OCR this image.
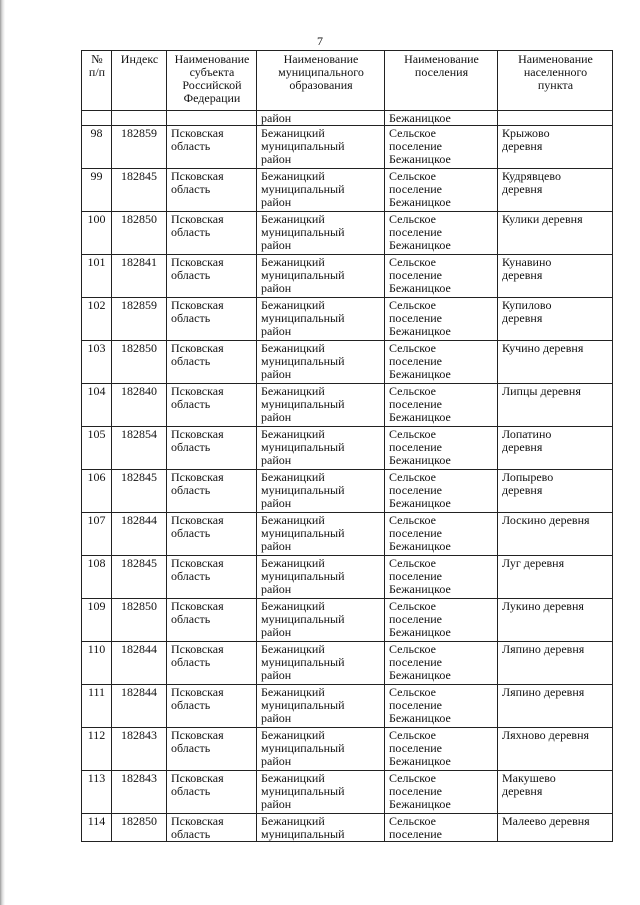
7
№
п/п	Индекс	Наименование
субъекта
Российской
Федерации	Наименование
муниципального
образования	Наименование
поселения	Наименование
населенного
пункта
			район	Бежаницкое	
98	182859	Псковская
область	Бежаницкий
муниципальный
район	Сельское
поселение
Бежаницкое	Крыжово
деревня
99	182845	Псковская
область	Бежаницкий
муниципальный
район	Сельское
поселение
Бежаницкое	Кудрявцево
деревня
100	182850	Псковская
область	Бежаницкий
муниципальный
район	Сельское
поселение
Бежаницкое	Кулики деревня
101	182841	Псковская
область	Бежаницкий
муниципальный
район	Сельское
поселение
Бежаницкое	Кунавино
деревня
102	182859	Псковская
область	Бежаницкий
муниципальный
район	Сельское
поселение
Бежаницкое	Купилово
деревня
103	182850	Псковская
область	Бежаницкий
муниципальный
район	Сельское
поселение
Бежаницкое	Кучино деревня
104	182840	Псковская
область	Бежаницкий
муниципальный
район	Сельское
поселение
Бежаницкое	Липцы деревня
105	182854	Псковская
область	Бежаницкий
муниципальный
район	Сельское
поселение
Бежаницкое	Лопатино
деревня
106	182845	Псковская
область	Бежаницкий
муниципальный
район	Сельское
поселение
Бежаницкое	Лопырево
деревня
107	182844	Псковская
область	Бежаницкий
муниципальный
район	Сельское
поселение
Бежаницкое	Лоскино деревня
108	182845	Псковская
область	Бежаницкий
муниципальный
район	Сельское
поселение
Бежаницкое	Луг деревня
109	182850	Псковская
область	Бежаницкий
муниципальный
район	Сельское
поселение
Бежаницкое	Лукино деревня
110	182844	Псковская
область	Бежаницкий
муниципальный
район	Сельское
поселение
Бежаницкое	Ляпино деревня
111	182844	Псковская
область	Бежаницкий
муниципальный
район	Сельское
поселение
Бежаницкое	Ляпино деревня
112	182843	Псковская
область	Бежаницкий
муниципальный
район	Сельское
поселение
Бежаницкое	Ляхново деревня
113	182843	Псковская
область	Бежаницкий
муниципальный
район	Сельское
поселение
Бежаницкое	Макушево
деревня
114	182850	Псковская
область	Бежаницкий
муниципальный	Сельское
поселение	Малеево деревня
